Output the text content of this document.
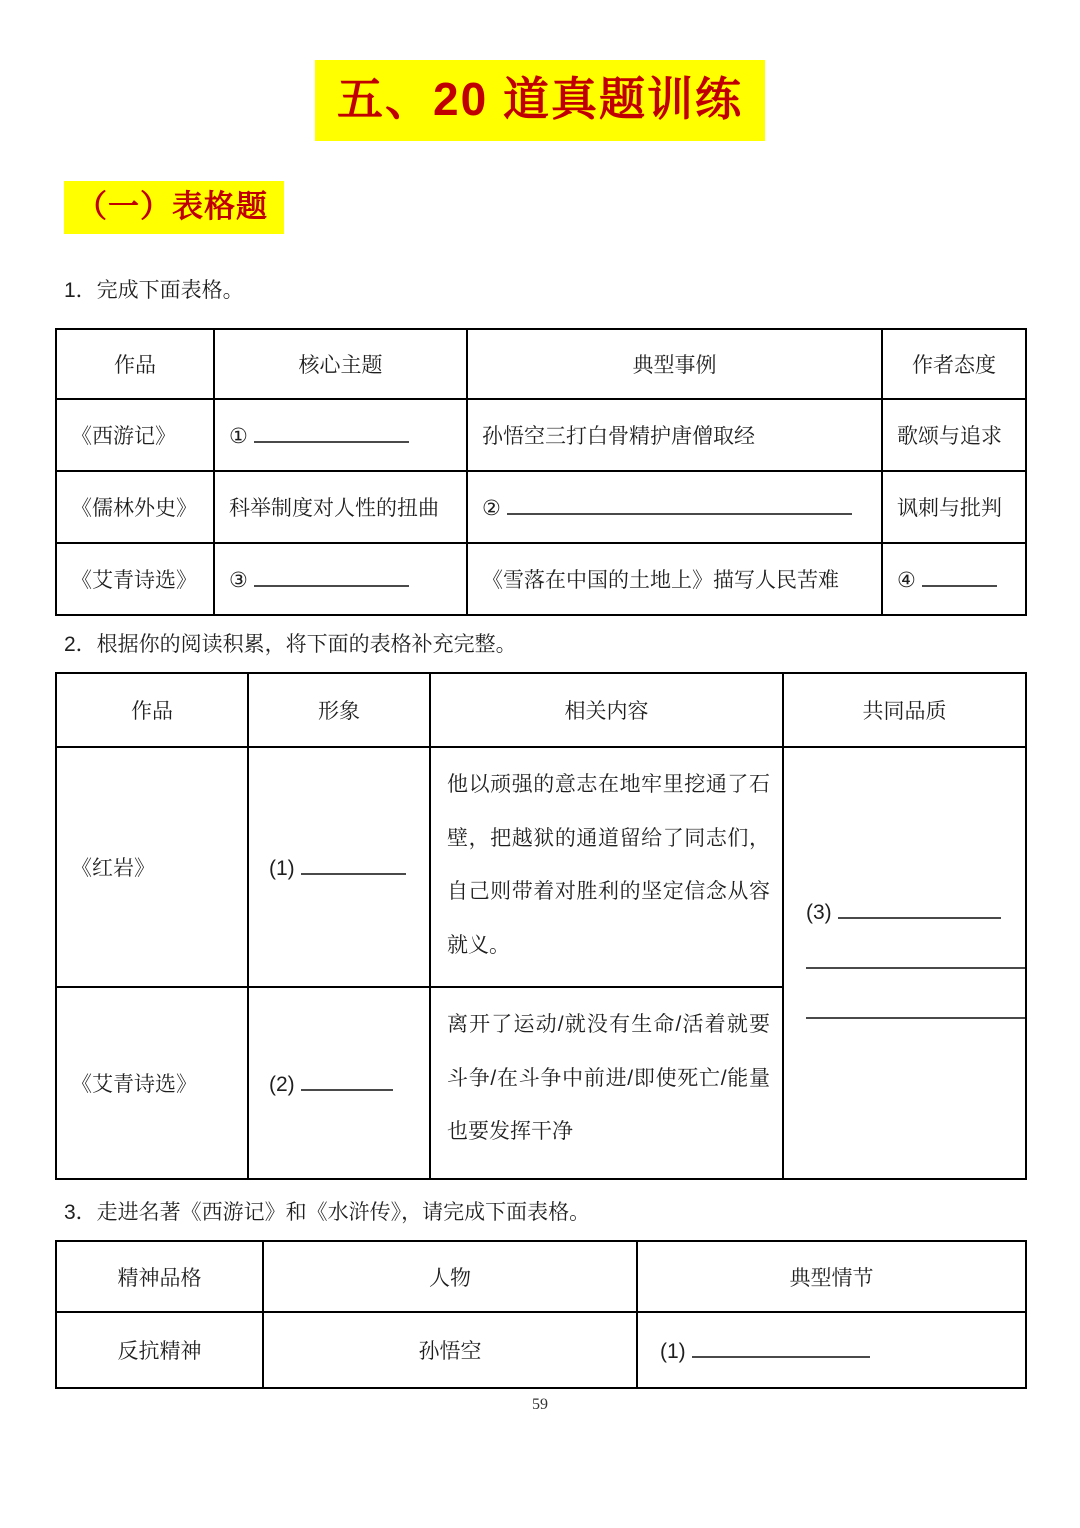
五、20 道真题训练
（一）表格题
1．完成下面表格。
作品	核心主题	典型事例	作者态度
《西游记》	①	孙悟空三打白骨精护唐僧取经	歌颂与追求
《儒林外史》	科举制度对人性的扭曲	②	讽刺与批判
《艾青诗选》	③	《雪落在中国的土地上》描写人民苦难	④
2．根据你的阅读积累，将下面的表格补充完整。
作品	形象	相关内容	共同品质
《红岩》	(1)	他以顽强的意志在地牢里挖通了石壁，把越狱的通道留给了同志们，自己则带着对胜利的坚定信念从容就义。	(3)

《艾青诗选》	(2)	离开了运动/就没有生命/活着就要斗争/在斗争中前进/即使死亡/能量也要发挥干净	
3．走进名著《西游记》和《水浒传》，请完成下面表格。
精神品格	人物	典型情节
反抗精神	孙悟空	(1)
59
